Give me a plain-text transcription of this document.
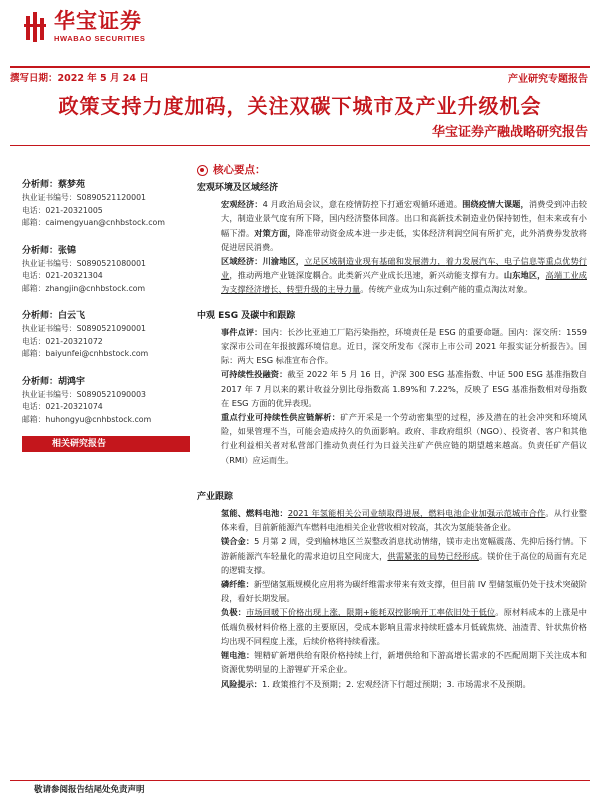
华宝证券
HWABAO SECURITIES
撰写日期：2022 年 5 月 24 日	产业研究专题报告
政策支持力度加码，关注双碳下城市及产业升级机会
华宝证券产融战略研究报告
分析师：蔡梦苑
执业证书编号：S0890521120001
电话：021-20321005
邮箱：caimengyuan@cnhbstock.com
分析师：张锦
执业证书编号：S0890521080001
电话：021-20321304
邮箱：zhangjin@cnhbstock.com
分析师：白云飞
执业证书编号：S0890521090001
电话：021-20321072
邮箱：baiyunfei@cnhbstock.com
分析师：胡鸿宇
执业证书编号：S0890521090003
电话：021-20321074
邮箱：huhongyu@cnhbstock.com
相关研究报告
核心要点：
宏观环境及区域经济
宏观经济：4 月政治局会议，意在疫情防控下打通宏观循环通道。围绕疫情大课题，消费受到冲击较大，制造业景气度有所下降，国内经济整体回落。出口和高新技术制造业仍保持韧性，但未来或有小幅下滑。对策方面，降准带动资金成本进一步走低，实体经济利润空间有所扩充，此外消费券发放将促进居民消费。
区域经济：川渝地区，立足区域制造业现有基础和发展潜力，着力发展汽车、电子信息等重点优势行业，推动两地产业链深度耦合。此类新兴产业成长迅速，新兴动能支撑有力。山东地区，高端工业成为支撑经济增长、转型升级的主导力量。传统产业成为山东过剩产能的重点淘汰对象。
中观 ESG 及碳中和跟踪
事件点评：国内：长沙比亚迪工厂陷污染指控，环境责任是 ESG 的重要命题。国内：深交所：1559 家深市公司在年报披露环境信息。近日，深交所发布《深市上市公司 2021 年报实证分析报告》。国际：两大 ESG 标准宣布合作。
可持续性投融资：截至 2022 年 5 月 16 日，沪深 300 ESG 基准指数、中证 500 ESG 基准指数自 2017 年 7 月以来的累计收益分别比母指数高 1.89%和 7.22%，反映了 ESG 基准指数相对母指数在 ESG 方面的优异表现。
重点行业可持续性供应链解析：矿产开采是一个劳动密集型的过程，涉及潜在的社会冲突和环境风险，如果管理不当，可能会造成持久的负面影响。政府、非政府组织（NGO）、投资者、客户和其他行业利益相关者对私营部门推动负责任行为日益关注矿产供应链的期望越来越高。负责任矿产倡议（RMI）应运而生。
产业跟踪
氢能、燃料电池：2021 年氢能相关公司业绩取得进展，燃料电池企业加强示范城市合作。从行业整体来看，目前新能源汽车燃料电池相关企业营收相对较高，其次为氢能装备企业。
镁合金：5 月第 2 周，受到榆林地区兰炭整改消息扰动情绪，镁市走出宽幅震荡、先抑后扬行情。下游新能源汽车轻量化的需求迫切且空间庞大，供需紧张的局势已经形成。镁价住于高位的局面有充足的逻辑支撑。
磷纤维：新型储氢瓶规模化应用将为碳纤维需求带来有效支撑，但目前 IV 型储氢瓶仍处于技术突破阶段，看好长期发展。
负极：市场回暖下价格出现上涨，限期+能耗双控影响开工率依旧处于低位。原材料成本的上涨是中低端负极材料价格上涨的主要原因，受成本影响且需求持续旺盛本月低硫焦烧、油渣青、针状焦价格均出现不同程度上涨，后续价格将持续看涨。
锂电池：锂精矿新增供给有限价格持续上行，新增供给和下游高增长需求的不匹配周期下关注成本和资源优势明显的上游锂矿开采企业。
风险提示：1. 政策推行不及预期；2. 宏观经济下行超过预期；3. 市场需求不及预期。
敬请参阅报告结尾处免责声明
